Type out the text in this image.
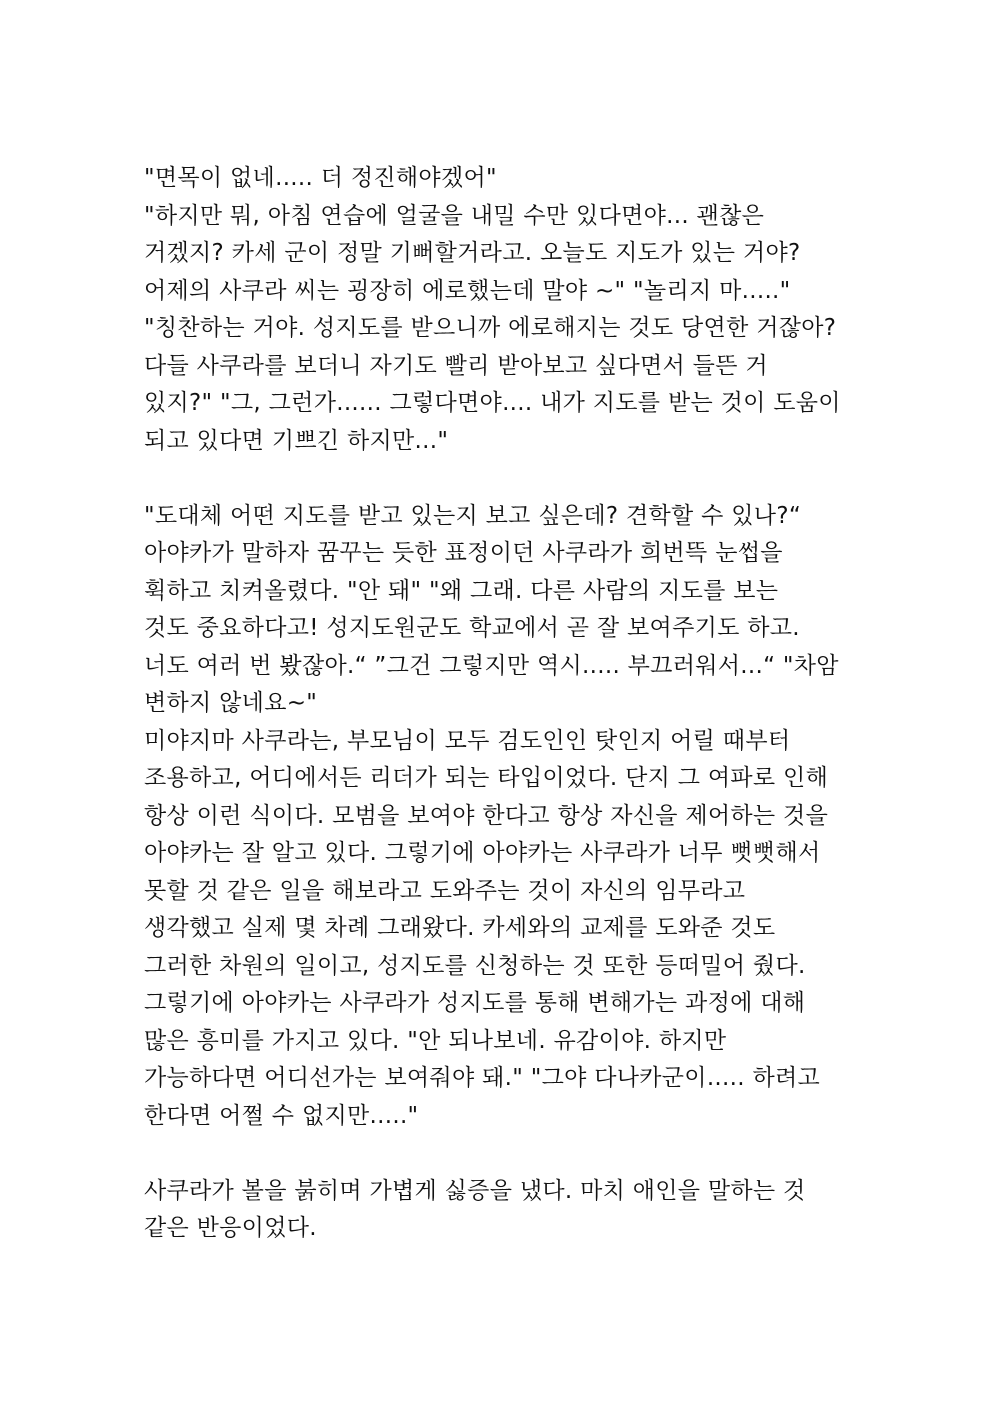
"면목이 없네..... 더 정진해야겠어"
"하지만 뭐, 아침 연습에 얼굴을 내밀 수만 있다면야... 괜찮은
거겠지? 카세 군이 정말 기뻐할거라고. 오늘도 지도가 있는 거야?
어제의 사쿠라 씨는 굉장히 에로했는데 말야 ~" "놀리지 마....."
"칭찬하는 거야. 성지도를 받으니까 에로해지는 것도 당연한 거잖아?
다들 사쿠라를 보더니 자기도 빨리 받아보고 싶다면서 들뜬 거
있지?" "그, 그런가...... 그렇다면야.... 내가 지도를 받는 것이 도움이
되고 있다면 기쁘긴 하지만..."

"도대체 어떤 지도를 받고 있는지 보고 싶은데? 견학할 수 있나?“
아야카가 말하자 꿈꾸는 듯한 표정이던 사쿠라가 희번뜩 눈썹을
휙하고 치켜올렸다. "안 돼" "왜 그래. 다른 사람의 지도를 보는
것도 중요하다고! 성지도원군도 학교에서 곧 잘 보여주기도 하고.
너도 여러 번 봤잖아.“ ”그건 그렇지만 역시..... 부끄러워서...“ "차암
변하지 않네요~"
미야지마 사쿠라는, 부모님이 모두 검도인인 탓인지 어릴 때부터
조용하고, 어디에서든 리더가 되는 타입이었다. 단지 그 여파로 인해
항상 이런 식이다. 모범을 보여야 한다고 항상 자신을 제어하는 것을
아야카는 잘 알고 있다. 그렇기에 아야카는 사쿠라가 너무 뻣뻣해서
못할 것 같은 일을 해보라고 도와주는 것이 자신의 임무라고
생각했고 실제 몇 차례 그래왔다. 카세와의 교제를 도와준 것도
그러한 차원의 일이고, 성지도를 신청하는 것 또한 등떠밀어 줬다.
그렇기에 아야카는 사쿠라가 성지도를 통해 변해가는 과정에 대해
많은 흥미를 가지고 있다. "안 되나보네. 유감이야. 하지만
가능하다면 어디선가는 보여줘야 돼." "그야 다나카군이..... 하려고
한다면 어쩔 수 없지만....."

사쿠라가 볼을 붉히며 가볍게 싫증을 냈다. 마치 애인을 말하는 것
같은 반응이었다.
